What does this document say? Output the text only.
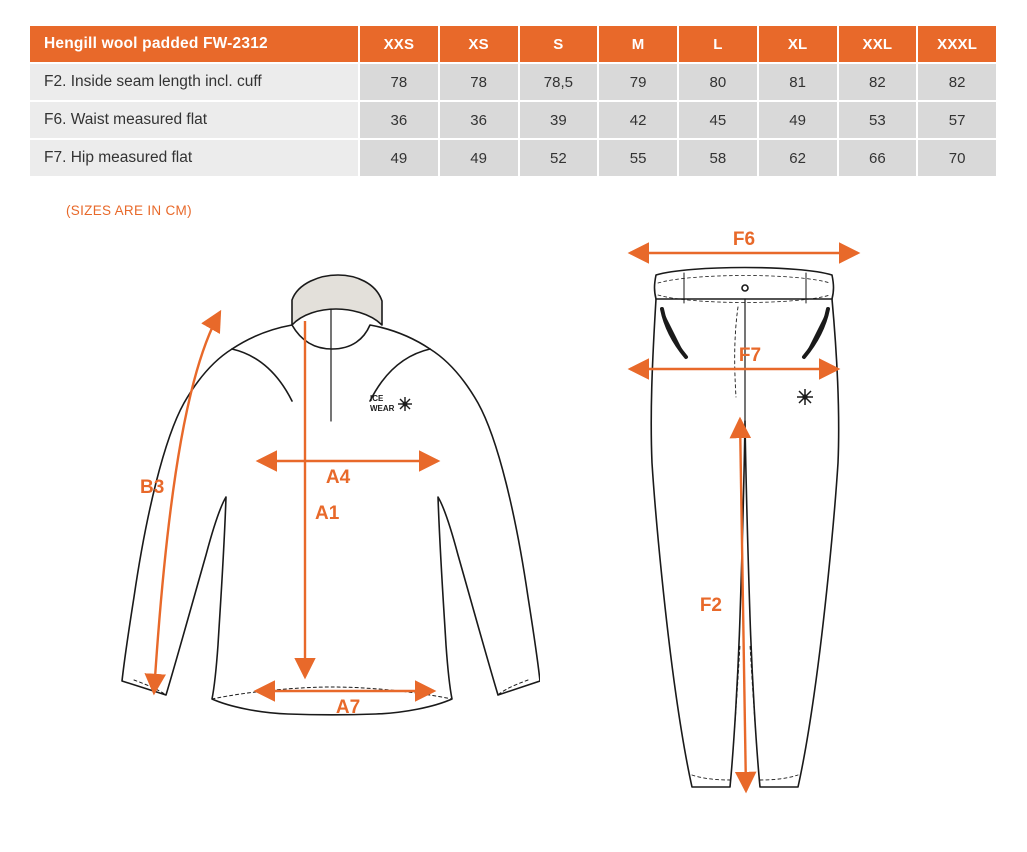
Hengill wool padded FW-2312	XXS	XS	S	M	L	XL	XXL	XXXL
F2. Inside seam length incl. cuff	78	78	78,5	79	80	81	82	82
F6. Waist measured flat	36	36	39	42	45	49	53	57
F7. Hip measured flat	49	49	52	55	58	62	66	70
(SIZES ARE IN CM)
ICE
WEAR
B3	A4
A1
A7
F6
F7
F2
